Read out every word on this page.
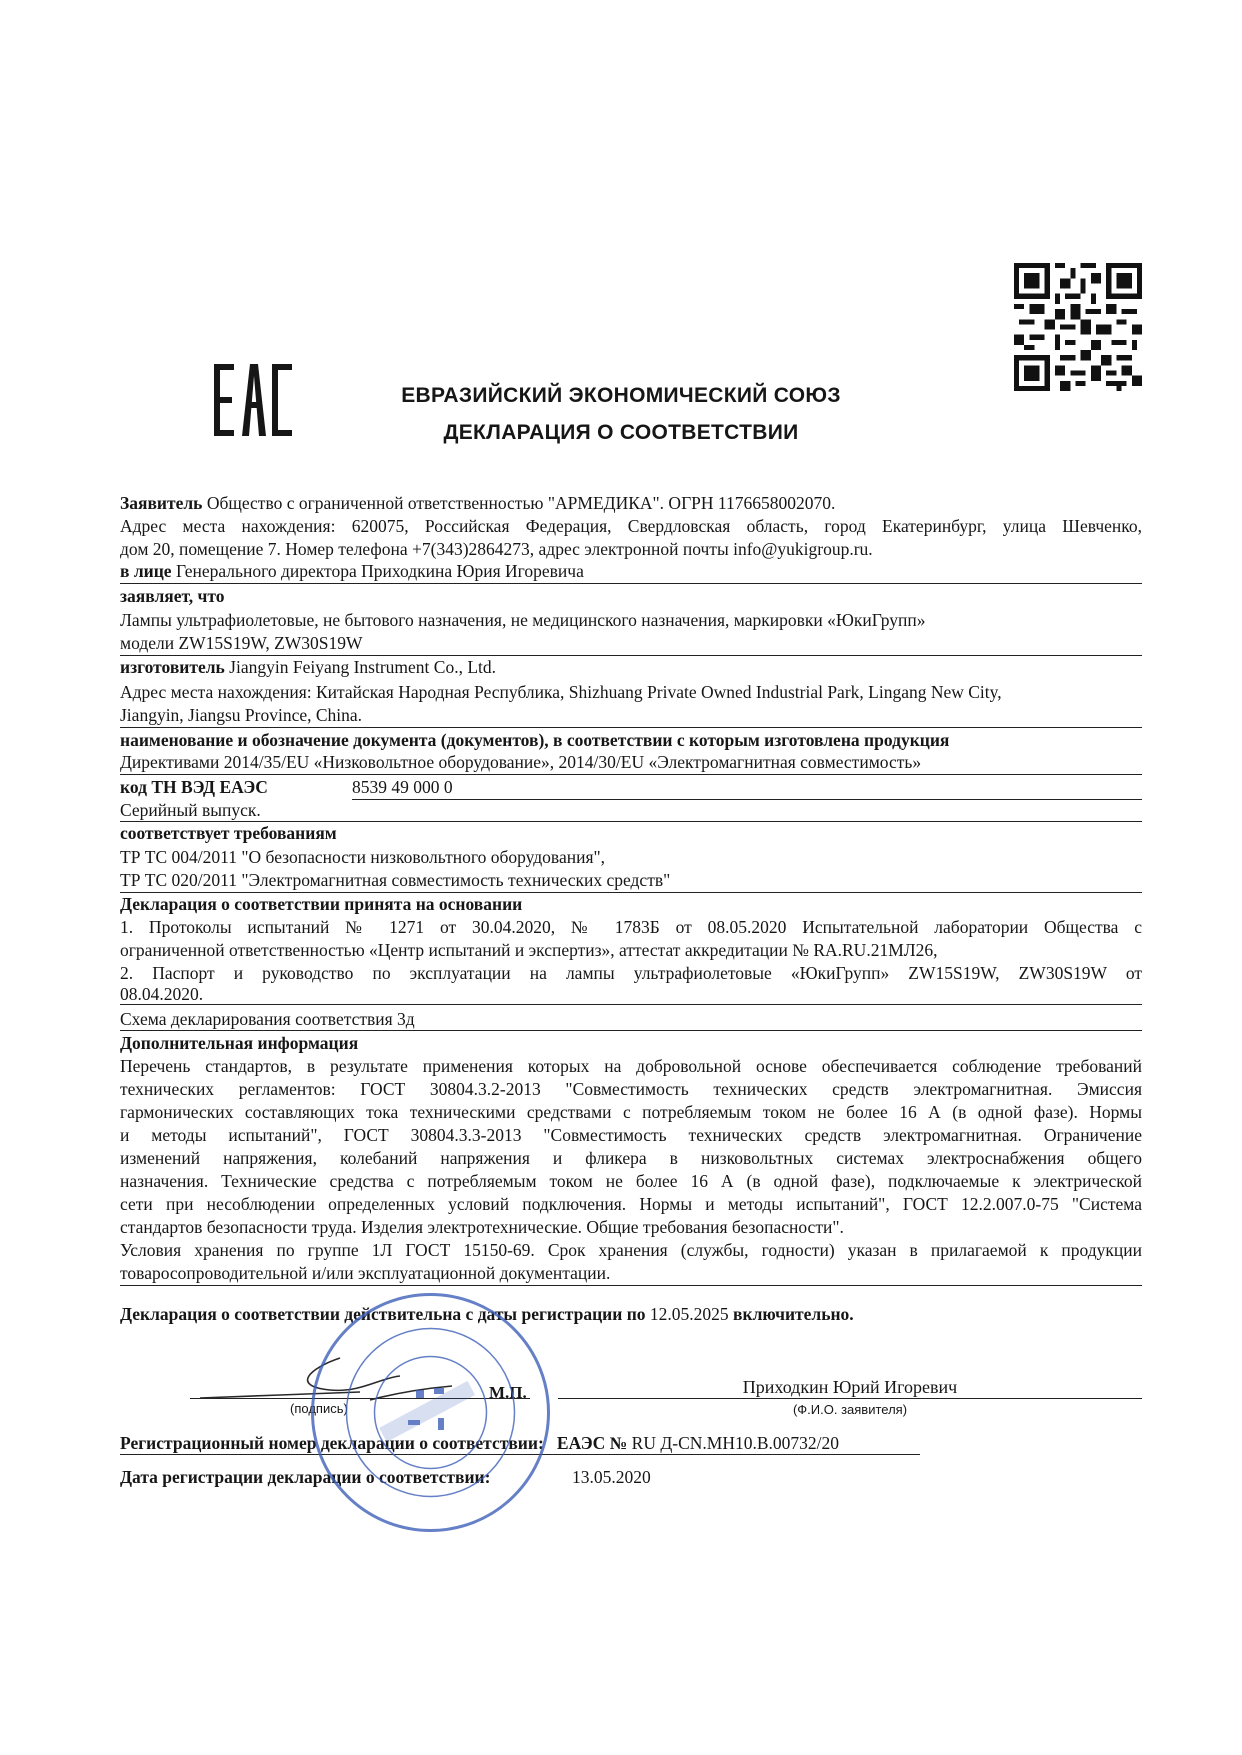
ЕВРАЗИЙСКИЙ ЭКОНОМИЧЕСКИЙ СОЮЗ
ДЕКЛАРАЦИЯ О СООТВЕТСТВИИ
Заявитель Общество с ограниченной ответственностью "АРМЕДИКА". ОГРН 1176658002070.
Адрес места нахождения: 620075, Российская Федерация, Свердловская область, город Екатеринбург, улица Шевченко,
дом 20, помещение 7. Номер телефона +7(343)2864273, адрес электронной почты info@yukigroup.ru.
в лице Генерального директора Приходкина Юрия Игоревича
заявляет, что
Лампы ультрафиолетовые, не бытового назначения, не медицинского назначения, маркировки «ЮкиГрупп»
модели ZW15S19W, ZW30S19W
изготовитель Jiangyin Feiyang Instrument Co., Ltd.
Адрес места нахождения: Китайская Народная Республика, Shizhuang Private Owned Industrial Park, Lingang New City,
Jiangyin, Jiangsu Province, China.
наименование и обозначение документа (документов), в соответствии с которым изготовлена продукция
Директивами 2014/35/EU «Низковольтное оборудование», 2014/30/EU «Электромагнитная совместимость»
код ТН ВЭД ЕАЭС	8539 49 000 0
Серийный выпуск.
соответствует требованиям
ТР ТС 004/2011 "О безопасности низковольтного оборудования",
ТР ТС 020/2011 "Электромагнитная совместимость технических средств"
Декларация о соответствии принята на основании
1. Протоколы испытаний № 1271 от 30.04.2020, № 1783Б от 08.05.2020 Испытательной лаборатории Общества с
ограниченной ответственностью «Центр испытаний и экспертиз», аттестат аккредитации № RA.RU.21МЛ26,
2. Паспорт и руководство по эксплуатации на лампы ультрафиолетовые «ЮкиГрупп» ZW15S19W, ZW30S19W от
08.04.2020.
Схема декларирования соответствия 3д
Дополнительная информация
Перечень стандартов, в результате применения которых на добровольной основе обеспечивается соблюдение требований
технических регламентов: ГОСТ 30804.3.2-2013 "Совместимость технических средств электромагнитная. Эмиссия
гармонических составляющих тока техническими средствами с потребляемым током не более 16 А (в одной фазе). Нормы
и методы испытаний", ГОСТ 30804.3.3-2013 "Совместимость технических средств электромагнитная. Ограничение
изменений напряжения, колебаний напряжения и фликера в низковольтных системах электроснабжения общего
назначения. Технические средства с потребляемым током не более 16 А (в одной фазе), подключаемые к электрической
сети при несоблюдении определенных условий подключения. Нормы и методы испытаний", ГОСТ 12.2.007.0-75 "Система
стандартов безопасности труда. Изделия электротехнические. Общие требования безопасности".
Условия хранения по группе 1Л ГОСТ 15150-69. Срок хранения (службы, годности) указан в прилагаемой к продукции
товаросопроводительной и/или эксплуатационной документации.
Декларация о соответствии действительна с даты регистрации по 12.05.2025 включительно.
(подпись)
М.П.	Приходкин Юрий Игоревич
(Ф.И.О. заявителя)
Регистрационный номер декларации о соответствии: ЕАЭС № RU Д-CN.МН10.В.00732/20
Дата регистрации декларации о соответствии:	13.05.2020
